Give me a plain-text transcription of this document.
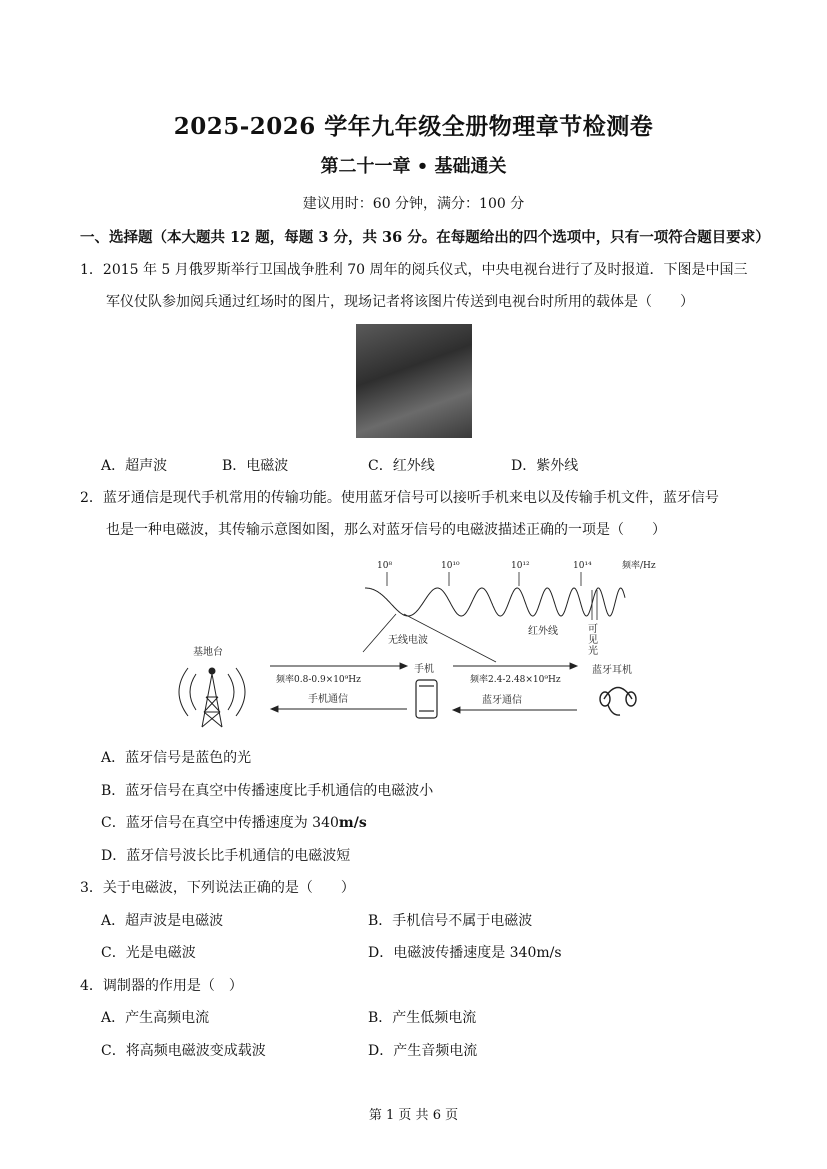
2025-2026 学年九年级全册物理章节检测卷
第二十一章 • 基础通关
建议用时：60 分钟，满分：100 分
一、选择题（本大题共 12 题，每题 3 分，共 36 分。在每题给出的四个选项中，只有一项符合题目要求）
1．2015 年 5 月俄罗斯举行卫国战争胜利 70 周年的阅兵仪式，中央电视台进行了及时报道．下图是中国三
军仪仗队参加阅兵通过红场时的图片，现场记者将该图片传送到电视台时所用的载体是（　　）
A．超声波	B．电磁波	C．红外线	D．紫外线
2．蓝牙通信是现代手机常用的传输功能。使用蓝牙信号可以接听手机来电以及传输手机文件，蓝牙信号
也是一种电磁波，其传输示意图如图，那么对蓝牙信号的电磁波描述正确的一项是（　　）
10⁸	10¹⁰	10¹²	10¹⁴	频率/Hz
无线电波
红外线	可
见
光
基地台
手机	蓝牙耳机
频率0.8-0.9×10⁹Hz	频率2.4-2.48×10⁹Hz
手机通信	蓝牙通信
A．蓝牙信号是蓝色的光
B．蓝牙信号在真空中传播速度比手机通信的电磁波小
C．蓝牙信号在真空中传播速度为 340m/s
D．蓝牙信号波长比手机通信的电磁波短
3．关于电磁波，下列说法正确的是（　　）
A．超声波是电磁波	B．手机信号不属于电磁波
C．光是电磁波	D．电磁波传播速度是 340m/s
4．调制器的作用是（　）
A．产生高频电流	B．产生低频电流
C．将高频电磁波变成载波	D．产生音频电流
第 1 页 共 6 页
